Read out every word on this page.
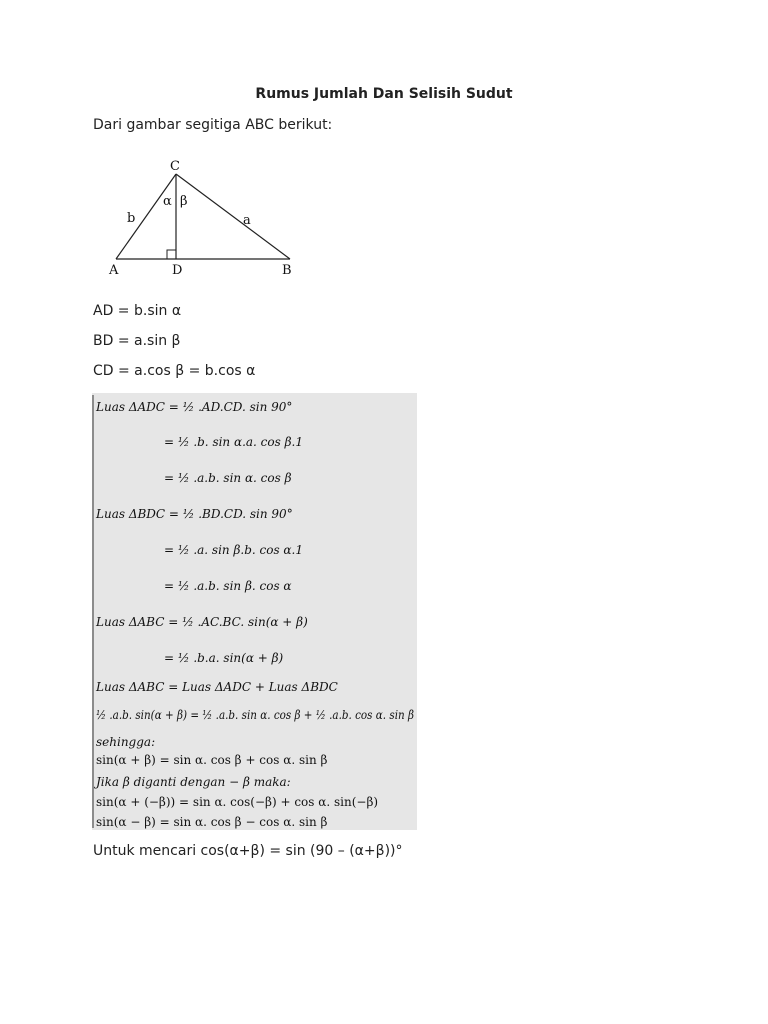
Rumus Jumlah Dan Selisih Sudut
Dari gambar segitiga ABC berikut:
C
A	D	B
b	a
α β
AD = b.sin α
BD = a.sin β
CD = a.cos β = b.cos α
Luas ΔADC = ½ .AD.CD. sin 90°
= ½ .b. sin α.a. cos β.1
= ½ .a.b. sin α. cos β
Luas ΔBDC = ½ .BD.CD. sin 90°
= ½ .a. sin β.b. cos α.1
= ½ .a.b. sin β. cos α
Luas ΔABC = ½ .AC.BC. sin(α + β)
= ½ .b.a. sin(α + β)
Luas ΔABC = Luas ΔADC + Luas ΔBDC
½ .a.b. sin(α + β) = ½ .a.b. sin α. cos β + ½ .a.b. cos α. sin β
sehingga:
sin(α + β) = sin α. cos β + cos α. sin β
Jika β diganti dengan − β maka:
sin(α + (−β)) = sin α. cos(−β) + cos α. sin(−β)
sin(α − β) = sin α. cos β − cos α. sin β
Untuk mencari cos(α+β) = sin (90 – (α+β))°
